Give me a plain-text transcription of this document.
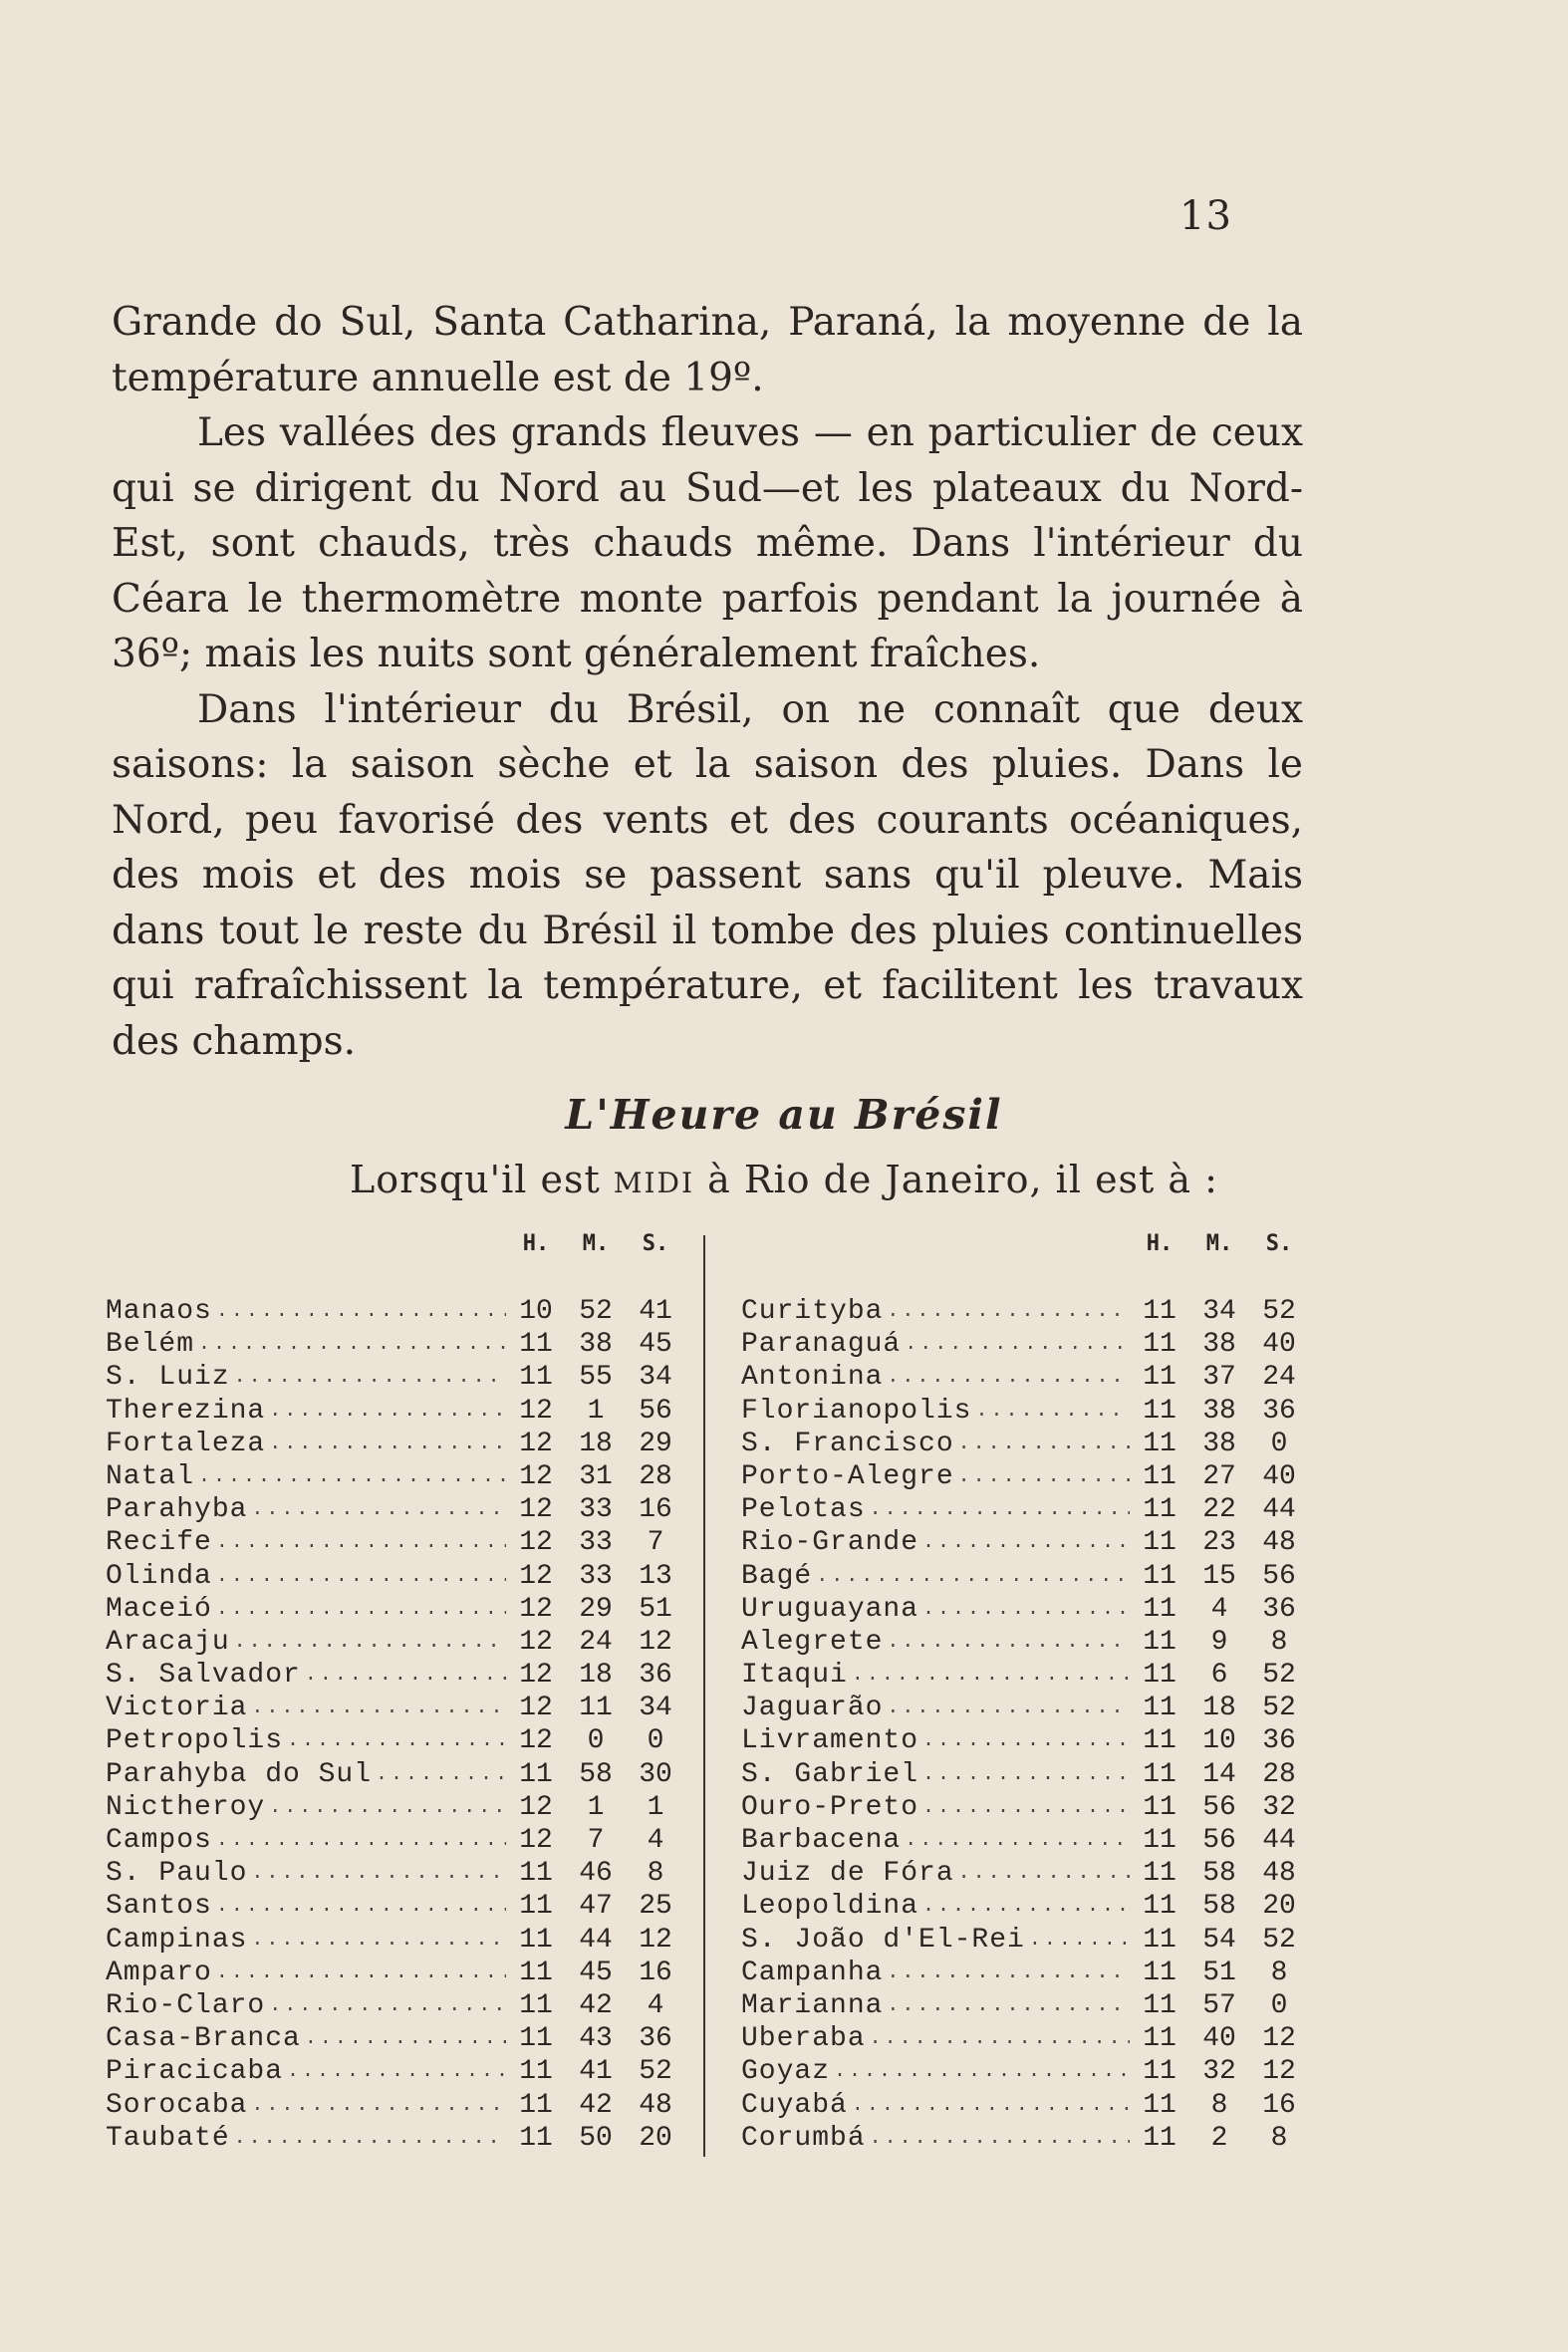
13

Grande do Sul, Santa Catharina, Paraná, la moyenne de la température annuelle est de 19º.

Les vallées des grands fleuves — en particulier de ceux qui se dirigent du Nord au Sud—et les plateaux du Nord-Est, sont chauds, très chauds même. Dans l'intérieur du Céara le thermomètre monte parfois pendant la journée à 36º; mais les nuits sont généralement fraîches.

Dans l'intérieur du Brésil, on ne connaît que deux saisons: la saison sèche et la saison des pluies. Dans le Nord, peu favorisé des vents et des courants océaniques, des mois et des mois se passent sans qu'il pleuve. Mais dans tout le reste du Brésil il tombe des pluies continuelles qui rafraîchissent la température, et facilitent les travaux des champs.

L'Heure au Brésil

Lorsqu'il est MIDI à Rio de Janeiro, il est à :

H.	M.	S.
Manaos .....	10 52 41
Belém .....	11 38 45
S. Luiz .....	11 55 34
Therezina .....	12	1	56
Fortaleza .....	12 18 29
Natal .....	12 31 28
Parahyba .....	12 33 16
Recife .....	12 33	7
Olinda .....	12 33 13
Maceió .....	12 29 51
Aracaju .....	12 24 12
S. Salvador .....	12 18 36
Victoria .....	12 11 34
Petropolis .....	12	0	0
Parahyba do Sul .....	11 58 30
Nictheroy .....	12	1	1
Campos .....	12	7	4
S. Paulo .....	11 46	8
Santos .....	11 47 25
Campinas .....	11 44 12
Amparo .....	11 45 16
Rio-Claro .....	11 42	4
Casa-Branca .....	11 43 36
Piracicaba .....	11 41 52
Sorocaba .....	11 42 48
Taubaté .....	11 50 20
H.	M.	S.
Curityba .....	11 34 52
Paranaguá .....	11 38 40
Antonina .....	11 37 24
Florianopolis .....	11 38 36
S. Francisco .....	11 38	0
Porto-Alegre .....	11 27 40
Pelotas .....	11 22 44
Rio-Grande .....	11 23 48
Bagé .....	11 15 56
Uruguayana .....	11	4	36
Alegrete .....	11	9	8
Itaqui .....	11	6	52
Jaguarão .....	11 18 52
Livramento .....	11 10 36
S. Gabriel .....	11 14 28
Ouro-Preto .....	11 56 32
Barbacena .....	11 56 44
Juiz de Fóra .....	11 58 48
Leopoldina .....	11 58 20
S. João d'El-Rei .....	11 54 52
Campanha .....	11 51	8
Marianna .....	11 57	0
Uberaba .....	11 40 12
Goyaz .....	11 32 12
Cuyabá .....	11	8	16
Corumbá .....	11	2	8
